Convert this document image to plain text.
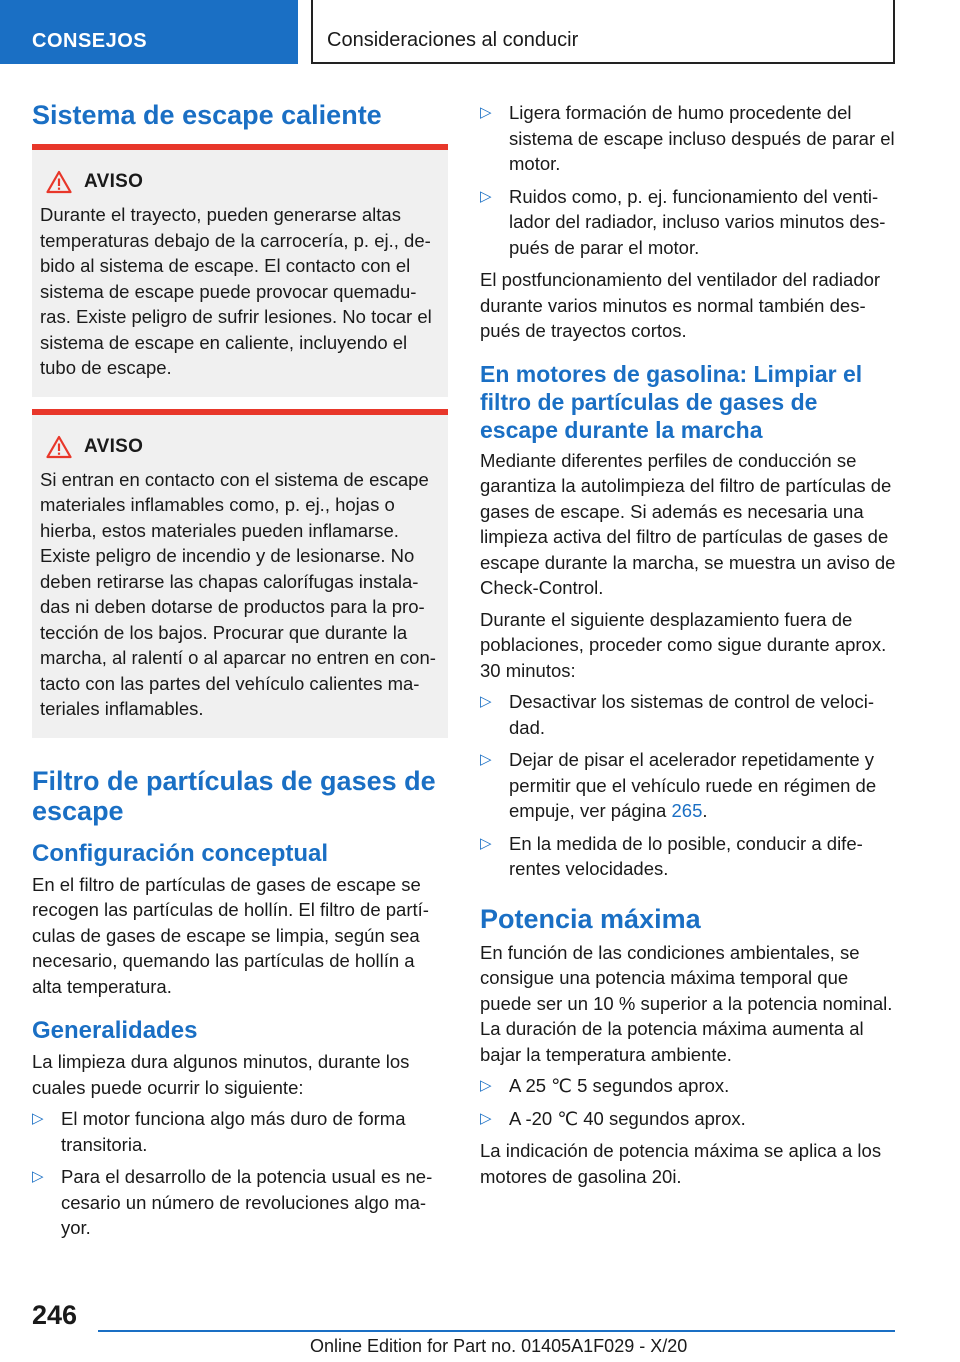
CONSEJOS	Consideraciones al conducir
Sistema de escape caliente
AVISO

Durante el trayecto, pueden generarse altas temperaturas debajo de la carrocería, p. ej., debido al sistema de escape. El contacto con el sistema de escape puede provocar quemaduras. Existe peligro de sufrir lesiones. No tocar el sistema de escape en caliente, incluyendo el tubo de escape.

AVISO

Si entran en contacto con el sistema de escape materiales inflamables como, p. ej., hojas o hierba, estos materiales pueden inflamarse. Existe peligro de incendio y de lesionarse. No deben retirarse las chapas calorífugas instaladas ni deben dotarse de productos para la protección de los bajos. Procurar que durante la marcha, al ralentí o al aparcar no entren en contacto con las partes del vehículo calientes materiales inflamables.

Filtro de partículas de gases de escape
Configuración conceptual

En el filtro de partículas de gases de escape se recogen las partículas de hollín. El filtro de partículas de gases de escape se limpia, según sea necesario, quemando las partículas de hollín a alta temperatura.

Generalidades

La limpieza dura algunos minutos, durante los cuales puede ocurrir lo siguiente:

▷ El motor funciona algo más duro de forma transitoria.
▷ Para el desarrollo de la potencia usual es necesario un número de revoluciones algo mayor.
▷ Ligera formación de humo procedente del sistema de escape incluso después de parar el motor.
▷ Ruidos como, p. ej. funcionamiento del ventilador del radiador, incluso varios minutos después de parar el motor.

El postfuncionamiento del ventilador del radiador durante varios minutos es normal también después de trayectos cortos.

En motores de gasolina: Limpiar el filtro de partículas de gases de escape durante la marcha

Mediante diferentes perfiles de conducción se garantiza la autolimpieza del filtro de partículas de gases de escape. Si además es necesaria una limpieza activa del filtro de partículas de gases de escape durante la marcha, se muestra un aviso de Check-Control.

Durante el siguiente desplazamiento fuera de poblaciones, proceder como sigue durante aprox. 30 minutos:

▷ Desactivar los sistemas de control de velocidad.
▷ Dejar de pisar el acelerador repetidamente y permitir que el vehículo ruede en régimen de empuje, ver página 265.
▷ En la medida de lo posible, conducir a diferentes velocidades.
Potencia máxima

En función de las condiciones ambientales, se consigue una potencia máxima temporal que puede ser un 10 % superior a la potencia nominal. La duración de la potencia máxima aumenta al bajar la temperatura ambiente.

▷ A 25 ℃ 5 segundos aprox.
▷ A -20 ℃ 40 segundos aprox.

La indicación de potencia máxima se aplica a los motores de gasolina 20i.

246
Online Edition for Part no. 01405A1F029 - X/20
